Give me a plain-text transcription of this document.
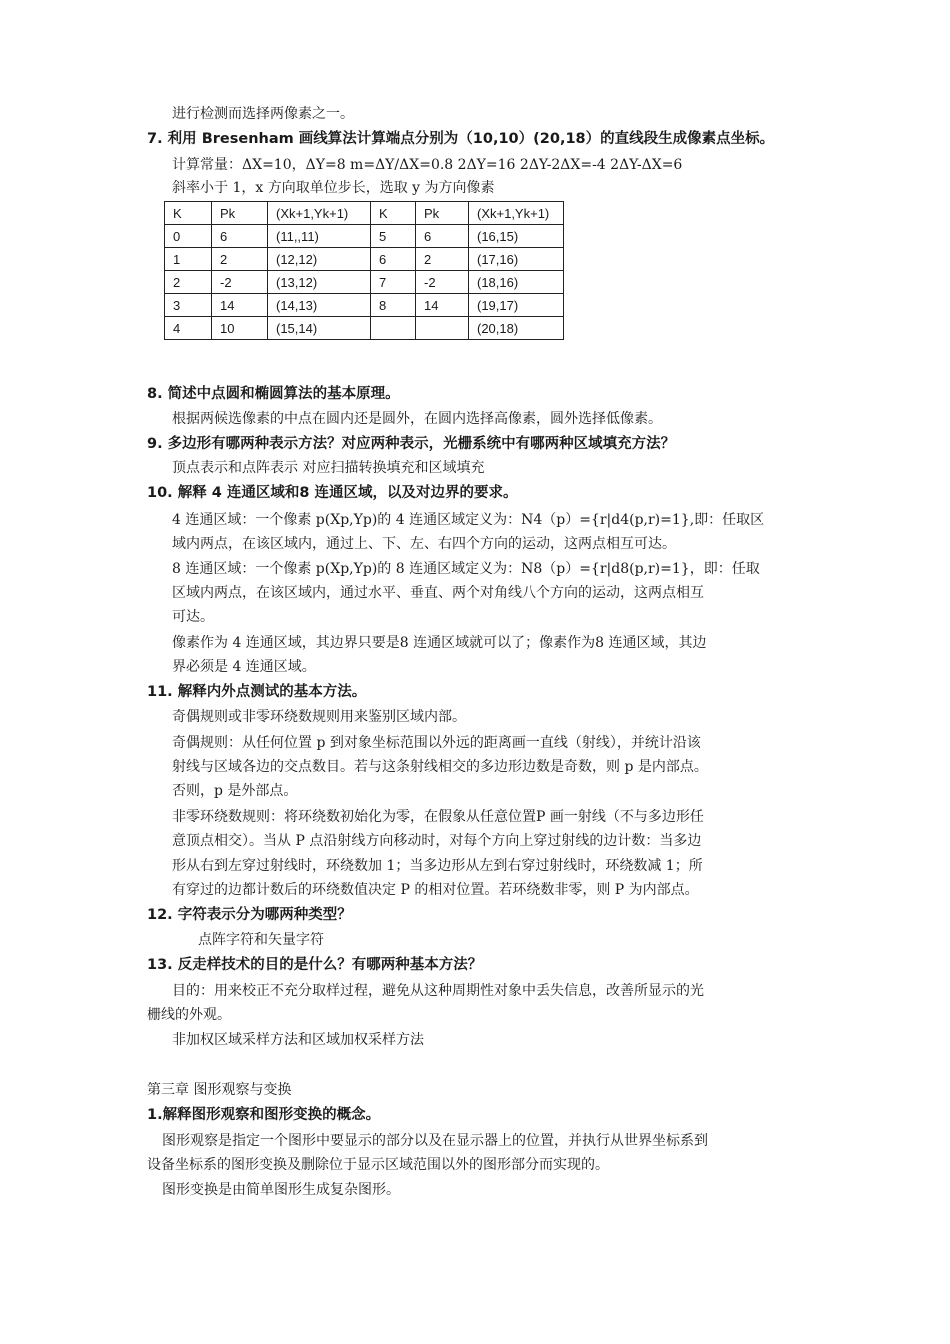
进行检测而选择两像素之一。
7. 利用 Bresenham 画线算法计算端点分别为（10,10）(20,18）的直线段生成像素点坐标。
计算常量：ΔX=10，ΔY=8 m=ΔY/ΔX=0.8 2ΔY=16 2ΔY-2ΔX=-4 2ΔY-ΔX=6
斜率小于 1，x 方向取单位步长，选取 y 为方向像素
K	Pk	(Xk+1,Yk+1)	K	Pk	(Xk+1,Yk+1)
0	6	(11,,11)	5	6	(16,15)
1	2	(12,12)	6	2	(17,16)
2	-2	(13,12)	7	-2	(18,16)
3	14	(14,13)	8	14	(19,17)
4	10	(15,14)			(20,18)
8. 简述中点圆和椭圆算法的基本原理。
根据两候选像素的中点在圆内还是圆外，在圆内选择高像素，圆外选择低像素。
9. 多边形有哪两种表示方法？对应两种表示，光栅系统中有哪两种区域填充方法？
顶点表示和点阵表示 对应扫描转换填充和区域填充
10. 解释 4 连通区域和8 连通区域，以及对边界的要求。
4 连通区域：一个像素 p(Xp,Yp)的 4 连通区域定义为：N4（p）={r|d4(p,r)=1},即：任取区
域内两点，在该区域内，通过上、下、左、右四个方向的运动，这两点相互可达。
8 连通区域：一个像素 p(Xp,Yp)的 8 连通区域定义为：N8（p）={r|d8(p,r)=1}，即：任取
区域内两点，在该区域内，通过水平、垂直、两个对角线八个方向的运动，这两点相互
可达。
像素作为 4 连通区域，其边界只要是8 连通区域就可以了；像素作为8 连通区域，其边
界必须是 4 连通区域。
11. 解释内外点测试的基本方法。
奇偶规则或非零环绕数规则用来鉴别区域内部。
奇偶规则：从任何位置 p 到对象坐标范围以外远的距离画一直线（射线），并统计沿该
射线与区域各边的交点数目。若与这条射线相交的多边形边数是奇数，则 p 是内部点。
否则，p 是外部点。
非零环绕数规则：将环绕数初始化为零，在假象从任意位置P 画一射线（不与多边形任
意顶点相交）。当从 P 点沿射线方向移动时，对每个方向上穿过射线的边计数：当多边
形从右到左穿过射线时，环绕数加 1；当多边形从左到右穿过射线时，环绕数减 1；所
有穿过的边都计数后的环绕数值决定 P 的相对位置。若环绕数非零，则 P 为内部点。
12. 字符表示分为哪两种类型？
点阵字符和矢量字符
13. 反走样技术的目的是什么？有哪两种基本方法？
目的：用来校正不充分取样过程，避免从这种周期性对象中丢失信息，改善所显示的光
栅线的外观。
非加权区域采样方法和区域加权采样方法
第三章 图形观察与变换
1.解释图形观察和图形变换的概念。
图形观察是指定一个图形中要显示的部分以及在显示器上的位置，并执行从世界坐标系到
设备坐标系的图形变换及删除位于显示区域范围以外的图形部分而实现的。
图形变换是由简单图形生成复杂图形。
